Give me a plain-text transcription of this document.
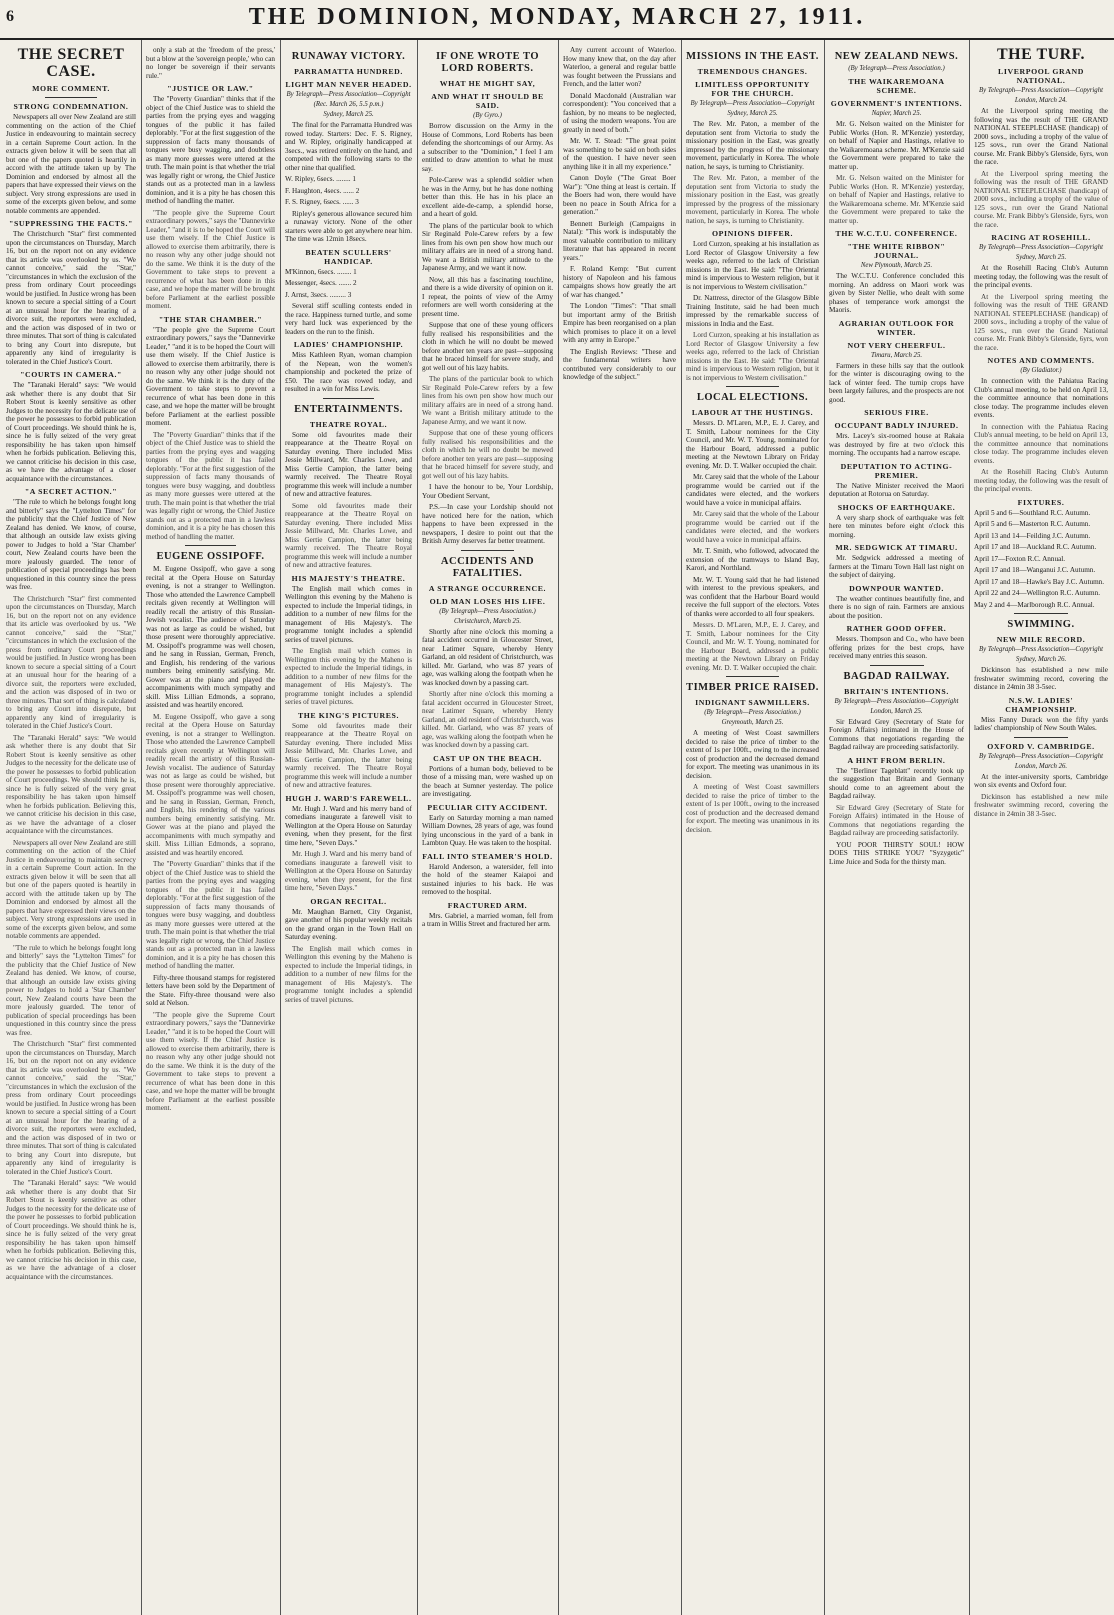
6	THE DOMINION, MONDAY, MARCH 27, 1911.
THE SECRET CASE.
MORE COMMENT.
STRONG CONDEMNATION.

Newspapers all over New Zealand are still commenting on the action of the Chief Justice in endeavouring to maintain secrecy in a certain Supreme Court action. In the extracts given below it will be seen that all but one of the papers quoted is heartily in accord with the attitude taken up by The Dominion and endorsed by almost all the papers that have expressed their views on the subject. Very strong expressions are used in some of the excerpts given below, and some notable comments are appended.

"SUPPRESSING THE FACTS."

The Christchurch "Star" first commented upon the circumstances on Thursday, March 16, but on the report not on any evidence that its article was overlooked by us. "We cannot conceive," said the "Star," "circumstances in which the exclusion of the press from ordinary Court proceedings would be justified. In Justice wrong has been known to secure a special sitting of a Court at an unusual hour for the hearing of a divorce suit, the reporters were excluded, and the action was disposed of in two or three minutes. That sort of thing is calculated to bring any Court into disrepute, but apparently any kind of irregularity is tolerated in the Chief Justice's Court.

"COURTS IN CAMERA."

The "Taranaki Herald" says: "We would ask whether there is any doubt that Sir Robert Stout is keenly sensitive as other Judges to the necessity for the delicate use of the power he possesses to forbid publication of Court proceedings. We should think he is, since he is fully seized of the very great responsibility he has taken upon himself when he forbids publication. Believing this, we cannot criticise his decision in this case, as we have the advantage of a closer acquaintance with the circumstances.

"A SECRET ACTION."

"The rule to which he belongs fought long and bitterly" says the "Lyttelton Times" for the publicity that the Chief Justice of New Zealand has denied. We know, of course, that although an outside law exists giving power to Judges to hold a 'Star Chamber' court, New Zealand courts have been the more jealously guarded. The tenor of publication of special proceedings has been unquestioned in this country since the press was free.

The Christchurch "Star" first commented upon the circumstances on Thursday, March 16, but on the report not on any evidence that its article was overlooked by us. "We cannot conceive," said the "Star," "circumstances in which the exclusion of the press from ordinary Court proceedings would be justified. In Justice wrong has been known to secure a special sitting of a Court at an unusual hour for the hearing of a divorce suit, the reporters were excluded, and the action was disposed of in two or three minutes. That sort of thing is calculated to bring any Court into disrepute, but apparently any kind of irregularity is tolerated in the Chief Justice's Court.

The "Taranaki Herald" says: "We would ask whether there is any doubt that Sir Robert Stout is keenly sensitive as other Judges to the necessity for the delicate use of the power he possesses to forbid publication of Court proceedings. We should think he is, since he is fully seized of the very great responsibility he has taken upon himself when he forbids publication. Believing this, we cannot criticise his decision in this case, as we have the advantage of a closer acquaintance with the circumstances.

Newspapers all over New Zealand are still commenting on the action of the Chief Justice in endeavouring to maintain secrecy in a certain Supreme Court action. In the extracts given below it will be seen that all but one of the papers quoted is heartily in accord with the attitude taken up by The Dominion and endorsed by almost all the papers that have expressed their views on the subject. Very strong expressions are used in some of the excerpts given below, and some notable comments are appended.

"The rule to which he belongs fought long and bitterly" says the "Lyttelton Times" for the publicity that the Chief Justice of New Zealand has denied. We know, of course, that although an outside law exists giving power to Judges to hold a 'Star Chamber' court, New Zealand courts have been the more jealously guarded. The tenor of publication of special proceedings has been unquestioned in this country since the press was free.

The Christchurch "Star" first commented upon the circumstances on Thursday, March 16, but on the report not on any evidence that its article was overlooked by us. "We cannot conceive," said the "Star," "circumstances in which the exclusion of the press from ordinary Court proceedings would be justified. In Justice wrong has been known to secure a special sitting of a Court at an unusual hour for the hearing of a divorce suit, the reporters were excluded, and the action was disposed of in two or three minutes. That sort of thing is calculated to bring any Court into disrepute, but apparently any kind of irregularity is tolerated in the Chief Justice's Court.

The "Taranaki Herald" says: "We would ask whether there is any doubt that Sir Robert Stout is keenly sensitive as other Judges to the necessity for the delicate use of the power he possesses to forbid publication of Court proceedings. We should think he is, since he is fully seized of the very great responsibility he has taken upon himself when he forbids publication. Believing this, we cannot criticise his decision in this case, as we have the advantage of a closer acquaintance with the circumstances.

only a stab at the 'freedom of the press,' but a blow at the 'sovereign people,' who can no longer be sovereign if their servants rule."

"JUSTICE OR LAW."

The "Poverty Guardian" thinks that if the object of the Chief Justice was to shield the parties from the prying eyes and wagging tongues of the public it has failed deplorably. "For at the first suggestion of the suppression of facts many thousands of tongues were busy wagging, and doubtless as many more guesses were uttered at the truth. The main point is that whether the trial was legally right or wrong, the Chief Justice stands out as a protected man in a lawless dominion, and it is a pity he has chosen this method of handling the matter.

"The people give the Supreme Court extraordinary powers," says the "Dannevirke Leader," "and it is to be hoped the Court will use them wisely. If the Chief Justice is allowed to exercise them arbitrarily, there is no reason why any other judge should not do the same. We think it is the duty of the Government to take steps to prevent a recurrence of what has been done in this case, and we hope the matter will be brought before Parliament at the earliest possible moment.

"THE STAR CHAMBER."

"The people give the Supreme Court extraordinary powers," says the "Dannevirke Leader," "and it is to be hoped the Court will use them wisely. If the Chief Justice is allowed to exercise them arbitrarily, there is no reason why any other judge should not do the same. We think it is the duty of the Government to take steps to prevent a recurrence of what has been done in this case, and we hope the matter will be brought before Parliament at the earliest possible moment.

The "Poverty Guardian" thinks that if the object of the Chief Justice was to shield the parties from the prying eyes and wagging tongues of the public it has failed deplorably. "For at the first suggestion of the suppression of facts many thousands of tongues were busy wagging, and doubtless as many more guesses were uttered at the truth. The main point is that whether the trial was legally right or wrong, the Chief Justice stands out as a protected man in a lawless dominion, and it is a pity he has chosen this method of handling the matter.

EUGENE OSSIPOFF.

M. Eugene Ossipoff, who gave a song recital at the Opera House on Saturday evening, is not a stranger to Wellington. Those who attended the Lawrence Campbell recitals given recently at Wellington will readily recall the artistry of this Russian-Jewish vocalist. The audience of Saturday was not as large as could be wished, but those present were thoroughly appreciative. M. Ossipoff's programme was well chosen, and he sang in Russian, German, French, and English, his rendering of the various numbers being eminently satisfying. Mr. Gower was at the piano and played the accompaniments with much sympathy and skill. Miss Lillian Edmonds, a soprano, assisted and was heartily encored.

M. Eugene Ossipoff, who gave a song recital at the Opera House on Saturday evening, is not a stranger to Wellington. Those who attended the Lawrence Campbell recitals given recently at Wellington will readily recall the artistry of this Russian-Jewish vocalist. The audience of Saturday was not as large as could be wished, but those present were thoroughly appreciative. M. Ossipoff's programme was well chosen, and he sang in Russian, German, French, and English, his rendering of the various numbers being eminently satisfying. Mr. Gower was at the piano and played the accompaniments with much sympathy and skill. Miss Lillian Edmonds, a soprano, assisted and was heartily encored.

The "Poverty Guardian" thinks that if the object of the Chief Justice was to shield the parties from the prying eyes and wagging tongues of the public it has failed deplorably. "For at the first suggestion of the suppression of facts many thousands of tongues were busy wagging, and doubtless as many more guesses were uttered at the truth. The main point is that whether the trial was legally right or wrong, the Chief Justice stands out as a protected man in a lawless dominion, and it is a pity he has chosen this method of handling the matter.

Fifty-three thousand stamps for registered letters have been sold by the Department of the State. Fifty-three thousand were also sold at Nelson.

"The people give the Supreme Court extraordinary powers," says the "Dannevirke Leader," "and it is to be hoped the Court will use them wisely. If the Chief Justice is allowed to exercise them arbitrarily, there is no reason why any other judge should not do the same. We think it is the duty of the Government to take steps to prevent a recurrence of what has been done in this case, and we hope the matter will be brought before Parliament at the earliest possible moment.

RUNAWAY VICTORY.
PARRAMATTA HUNDRED.
LIGHT MAN NEVER HEADED.
By Telegraph—Press Association—Copyright
(Rec. March 26, 5.5 p.m.)
Sydney, March 25.

The final for the Parramatta Hundred was rowed today. Starters: Dec. F. S. Rigney, and W. Ripley, originally handicapped at 3secs., was retired entirely on the hand, and competed with the following starts to the other nine that qualified.

W. Ripley, 6secs. ........ 1

F. Haughton, 4secs. ...... 2

F. S. Rigney, 6secs. ...... 3

Ripley's generous allowance secured him a runaway victory. None of the other starters were able to get anywhere near him. The time was 12min 18secs.

BEATEN SCULLERS' HANDICAP.

M'Kinnon, 6secs. ........ 1

Messenger, 4secs. ....... 2

J. Arnst, 3secs. ......... 3

Several stiff sculling contests ended in the race. Happiness turned turtle, and some very hard luck was experienced by the leaders on the run to the finish.

LADIES' CHAMPIONSHIP.

Miss Kathleen Ryan, woman champion of the Nepean, won the women's championship and pocketed the prize of £50. The race was rowed today, and resulted in a win for Miss Lewis.

ENTERTAINMENTS.
THEATRE ROYAL.

Some old favourites made their reappearance at the Theatre Royal on Saturday evening. There included Miss Jessie Millward, Mr. Charles Lowe, and Miss Gertie Campion, the latter being warmly received. The Theatre Royal programme this week will include a number of new and attractive features.

Some old favourites made their reappearance at the Theatre Royal on Saturday evening. There included Miss Jessie Millward, Mr. Charles Lowe, and Miss Gertie Campion, the latter being warmly received. The Theatre Royal programme this week will include a number of new and attractive features.

HIS MAJESTY'S THEATRE.

The English mail which comes in Wellington this evening by the Maheno is expected to include the Imperial tidings, in addition to a number of new films for the management of His Majesty's. The programme tonight includes a splendid series of travel pictures.

The English mail which comes in Wellington this evening by the Maheno is expected to include the Imperial tidings, in addition to a number of new films for the management of His Majesty's. The programme tonight includes a splendid series of travel pictures.

THE KING'S PICTURES.

Some old favourites made their reappearance at the Theatre Royal on Saturday evening. There included Miss Jessie Millward, Mr. Charles Lowe, and Miss Gertie Campion, the latter being warmly received. The Theatre Royal programme this week will include a number of new and attractive features.

HUGH J. WARD'S FAREWELL.

Mr. Hugh J. Ward and his merry band of comedians inaugurate a farewell visit to Wellington at the Opera House on Saturday evening, when they present, for the first time here, "Seven Days."

Mr. Hugh J. Ward and his merry band of comedians inaugurate a farewell visit to Wellington at the Opera House on Saturday evening, when they present, for the first time here, "Seven Days."

ORGAN RECITAL.

Mr. Maughan Barnett, City Organist, gave another of his popular weekly recitals on the grand organ in the Town Hall on Saturday evening.

The English mail which comes in Wellington this evening by the Maheno is expected to include the Imperial tidings, in addition to a number of new films for the management of His Majesty's. The programme tonight includes a splendid series of travel pictures.

IF ONE WROTE TO LORD ROBERTS.
WHAT HE MIGHT SAY,
AND WHAT IT SHOULD BE SAID.
(By Gyro.)

Borrow discussion on the Army in the House of Commons, Lord Roberts has been defending the shortcomings of our Army. As a subscriber to the "Dominion," I feel I am entitled to draw attention to what he must say.

Pole-Carew was a splendid soldier when he was in the Army, but he has done nothing better than this. He has in his place an excellent aide-de-camp, a splendid horse, and a heart of gold.

The plans of the particular book to which Sir Reginald Pole-Carew refers by a few lines from his own pen show how much our military affairs are in need of a strong hand. We want a British military attitude to the Japanese Army, and we want it now.

Now, all this has a fascinating touchline, and there is a wide diversity of opinion on it. I repeat, the points of view of the Army reformers are well worth considering at the present time.

Suppose that one of these young officers fully realised his responsibilities and the cloth in which he will no doubt be mewed before another ten years are past—supposing that he braced himself for severe study, and got well out of his lazy habits.

The plans of the particular book to which Sir Reginald Pole-Carew refers by a few lines from his own pen show how much our military affairs are in need of a strong hand. We want a British military attitude to the Japanese Army, and we want it now.

Suppose that one of these young officers fully realised his responsibilities and the cloth in which he will no doubt be mewed before another ten years are past—supposing that he braced himself for severe study, and got well out of his lazy habits.

I have the honour to be, Your Lordship, Your Obedient Servant,

P.S.—In case your Lordship should not have noticed here for the nation, which happens to have been expressed in the newspapers, I desire to point out that the British Army deserves far better treatment.

ACCIDENTS AND FATALITIES.
A STRANGE OCCURRENCE.
OLD MAN LOSES HIS LIFE.
(By Telegraph—Press Association.)
Christchurch, March 25.

Shortly after nine o'clock this morning a fatal accident occurred in Gloucester Street, near Latimer Square, whereby Henry Garland, an old resident of Christchurch, was killed. Mr. Garland, who was 87 years of age, was walking along the footpath when he was knocked down by a passing cart.

Shortly after nine o'clock this morning a fatal accident occurred in Gloucester Street, near Latimer Square, whereby Henry Garland, an old resident of Christchurch, was killed. Mr. Garland, who was 87 years of age, was walking along the footpath when he was knocked down by a passing cart.

CAST UP ON THE BEACH.

Portions of a human body, believed to be those of a missing man, were washed up on the beach at Sumner yesterday. The police are investigating.

PECULIAR CITY ACCIDENT.

Early on Saturday morning a man named William Downes, 28 years of age, was found lying unconscious in the yard of a bank in Lambton Quay. He was taken to the hospital.

FALL INTO STEAMER'S HOLD.

Harold Anderson, a watersider, fell into the hold of the steamer Kaiapoi and sustained injuries to his back. He was removed to the hospital.

FRACTURED ARM.

Mrs. Gabriel, a married woman, fell from a tram in Willis Street and fractured her arm.

Any current account of Waterloo. How many knew that, on the day after Waterloo, a general and regular battle was fought between the Prussians and French, and the latter won?

Donald Macdonald (Australian war correspondent): "You conceived that a fashion, by no means to be neglected, of using the modern weapons. You are greatly in need of both."

Mr. W. T. Stead: "The great point was something to be said on both sides of the question. I have never seen anything like it in all my experience."

Canon Doyle ("The Great Boer War"): "One thing at least is certain. If the Boers had won, there would have been no peace in South Africa for a generation."

Bennett Burleigh (Campaigns in Natal): "This work is indisputably the most valuable contribution to military literature that has appeared in recent years."

F. Roland Kemp: "But current history of Napoleon and his famous campaigns shows how greatly the art of war has changed."

The London "Times": "That small but important army of the British Empire has been reorganised on a plan which promises to place it on a level with any army in Europe."

The English Reviews: "These and the fundamental writers have contributed very considerably to our knowledge of the subject."

MISSIONS IN THE EAST.
TREMENDOUS CHANGES.
LIMITLESS OPPORTUNITY FOR THE CHURCH.
By Telegraph—Press Association—Copyright
Sydney, March 25.

The Rev. Mr. Paton, a member of the deputation sent from Victoria to study the missionary position in the East, was greatly impressed by the progress of the missionary movement, particularly in Korea. The whole nation, he says, is turning to Christianity.

The Rev. Mr. Paton, a member of the deputation sent from Victoria to study the missionary position in the East, was greatly impressed by the progress of the missionary movement, particularly in Korea. The whole nation, he says, is turning to Christianity.

OPINIONS DIFFER.

Lord Curzon, speaking at his installation as Lord Rector of Glasgow University a few weeks ago, referred to the lack of Christian missions in the East. He said: "The Oriental mind is impervious to Western religion, but it is not impervious to Western civilisation."

Dr. Nattress, director of the Glasgow Bible Training Institute, said he had been much impressed by the remarkable success of missions in India and the East.

Lord Curzon, speaking at his installation as Lord Rector of Glasgow University a few weeks ago, referred to the lack of Christian missions in the East. He said: "The Oriental mind is impervious to Western religion, but it is not impervious to Western civilisation."

LOCAL ELECTIONS.
LABOUR AT THE HUSTINGS.

Messrs. D. M'Laren, M.P., E. J. Carey, and T. Smith, Labour nominees for the City Council, and Mr. W. T. Young, nominated for the Harbour Board, addressed a public meeting at the Newtown Library on Friday evening. Mr. D. T. Walker occupied the chair.

Mr. Carey said that the whole of the Labour programme would be carried out if the candidates were elected, and the workers would have a voice in municipal affairs.

Mr. Carey said that the whole of the Labour programme would be carried out if the candidates were elected, and the workers would have a voice in municipal affairs.

Mr. T. Smith, who followed, advocated the extension of the tramways to Island Bay, Karori, and Northland.

Mr. W. T. Young said that he had listened with interest to the previous speakers, and was confident that the Harbour Board would receive the full support of the electors. Votes of thanks were accorded to all four speakers.

Messrs. D. M'Laren, M.P., E. J. Carey, and T. Smith, Labour nominees for the City Council, and Mr. W. T. Young, nominated for the Harbour Board, addressed a public meeting at the Newtown Library on Friday evening. Mr. D. T. Walker occupied the chair.

TIMBER PRICE RAISED.
INDIGNANT SAWMILLERS.
(By Telegraph—Press Association.)
Greymouth, March 25.

A meeting of West Coast sawmillers decided to raise the price of timber to the extent of 1s per 100ft., owing to the increased cost of production and the decreased demand for export. The meeting was unanimous in its decision.

A meeting of West Coast sawmillers decided to raise the price of timber to the extent of 1s per 100ft., owing to the increased cost of production and the decreased demand for export. The meeting was unanimous in its decision.

NEW ZEALAND NEWS.
(By Telegraph—Press Association.)
THE WAIKAREMOANA SCHEME.
GOVERNMENT'S INTENTIONS.
Napier, March 25.

Mr. G. Nelson waited on the Minister for Public Works (Hon. R. M'Kenzie) yesterday, on behalf of Napier and Hastings, relative to the Waikaremoana scheme. Mr. M'Kenzie said the Government were prepared to take the matter up.

Mr. G. Nelson waited on the Minister for Public Works (Hon. R. M'Kenzie) yesterday, on behalf of Napier and Hastings, relative to the Waikaremoana scheme. Mr. M'Kenzie said the Government were prepared to take the matter up.

THE W.C.T.U. CONFERENCE.
"THE WHITE RIBBON" JOURNAL.
New Plymouth, March 25.

The W.C.T.U. Conference concluded this morning. An address on Maori work was given by Sister Nellie, who dealt with some phases of temperance work amongst the Maoris.

AGRARIAN OUTLOOK FOR WINTER.
NOT VERY CHEERFUL.
Timaru, March 25.

Farmers in these hills say that the outlook for the winter is discouraging owing to the lack of winter feed. The turnip crops have been largely failures, and the prospects are not good.

SERIOUS FIRE.
OCCUPANT BADLY INJURED.

Mrs. Lacey's six-roomed house at Rakaia was destroyed by fire at two o'clock this morning. The occupants had a narrow escape.

DEPUTATION TO ACTING-PREMIER.

The Native Minister received the Maori deputation at Rotorua on Saturday.

SHOCKS OF EARTHQUAKE.

A very sharp shock of earthquake was felt here ten minutes before eight o'clock this morning.

MR. SEDGWICK AT TIMARU.

Mr. Sedgwick addressed a meeting of farmers at the Timaru Town Hall last night on the subject of dairying.

DOWNPOUR WANTED.

The weather continues beautifully fine, and there is no sign of rain. Farmers are anxious about the position.

RATHER GOOD OFFER.

Messrs. Thompson and Co., who have been offering prizes for the best crops, have received many entries this season.

BAGDAD RAILWAY.
BRITAIN'S INTENTIONS.
By Telegraph—Press Association—Copyright
London, March 25.

Sir Edward Grey (Secretary of State for Foreign Affairs) intimated in the House of Commons that negotiations regarding the Bagdad railway are proceeding satisfactorily.

A HINT FROM BERLIN.

The "Berliner Tageblatt" recently took up the suggestion that Britain and Germany should come to an agreement about the Bagdad railway.

Sir Edward Grey (Secretary of State for Foreign Affairs) intimated in the House of Commons that negotiations regarding the Bagdad railway are proceeding satisfactorily.

YOU POOR THIRSTY SOUL! HOW DOES THIS STRIKE YOU? "Syzygetic" Lime Juice and Soda for the thirsty man.

THE TURF.
LIVERPOOL GRAND NATIONAL.
By Telegraph—Press Association—Copyright
London, March 24.

At the Liverpool spring meeting the following was the result of THE GRAND NATIONAL STEEPLECHASE (handicap) of 2000 sovs., including a trophy of the value of 125 sovs., run over the Grand National course. Mr. Frank Bibby's Glenside, 6yrs, won the race.

At the Liverpool spring meeting the following was the result of THE GRAND NATIONAL STEEPLECHASE (handicap) of 2000 sovs., including a trophy of the value of 125 sovs., run over the Grand National course. Mr. Frank Bibby's Glenside, 6yrs, won the race.

RACING AT ROSEHILL.
By Telegraph—Press Association—Copyright
Sydney, March 25.

At the Rosehill Racing Club's Autumn meeting today, the following was the result of the principal events.

At the Liverpool spring meeting the following was the result of THE GRAND NATIONAL STEEPLECHASE (handicap) of 2000 sovs., including a trophy of the value of 125 sovs., run over the Grand National course. Mr. Frank Bibby's Glenside, 6yrs, won the race.

NOTES AND COMMENTS.
(By Gladiator.)

In connection with the Pahiatua Racing Club's annual meeting, to be held on April 13, the committee announce that nominations close today. The programme includes eleven events.

In connection with the Pahiatua Racing Club's annual meeting, to be held on April 13, the committee announce that nominations close today. The programme includes eleven events.

At the Rosehill Racing Club's Autumn meeting today, the following was the result of the principal events.

FIXTURES.

April 5 and 6—Southland R.C. Autumn.

April 5 and 6—Masterton R.C. Autumn.

April 13 and 14—Feilding J.C. Autumn.

April 17 and 18—Auckland R.C. Autumn.

April 17—Foxton R.C. Annual.

April 17 and 18—Wanganui J.C. Autumn.

April 17 and 18—Hawke's Bay J.C. Autumn.

April 22 and 24—Wellington R.C. Autumn.

May 2 and 4—Marlborough R.C. Annual.

SWIMMING.
NEW MILE RECORD.
By Telegraph—Press Association—Copyright
Sydney, March 26.

Dickinson has established a new mile freshwater swimming record, covering the distance in 24min 38 3-5sec.

N.S.W. LADIES' CHAMPIONSHIP.

Miss Fanny Durack won the fifty yards ladies' championship of New South Wales.

OXFORD V. CAMBRIDGE.
By Telegraph—Press Association—Copyright
London, March 26.

At the inter-university sports, Cambridge won six events and Oxford four.

Dickinson has established a new mile freshwater swimming record, covering the distance in 24min 38 3-5sec.
